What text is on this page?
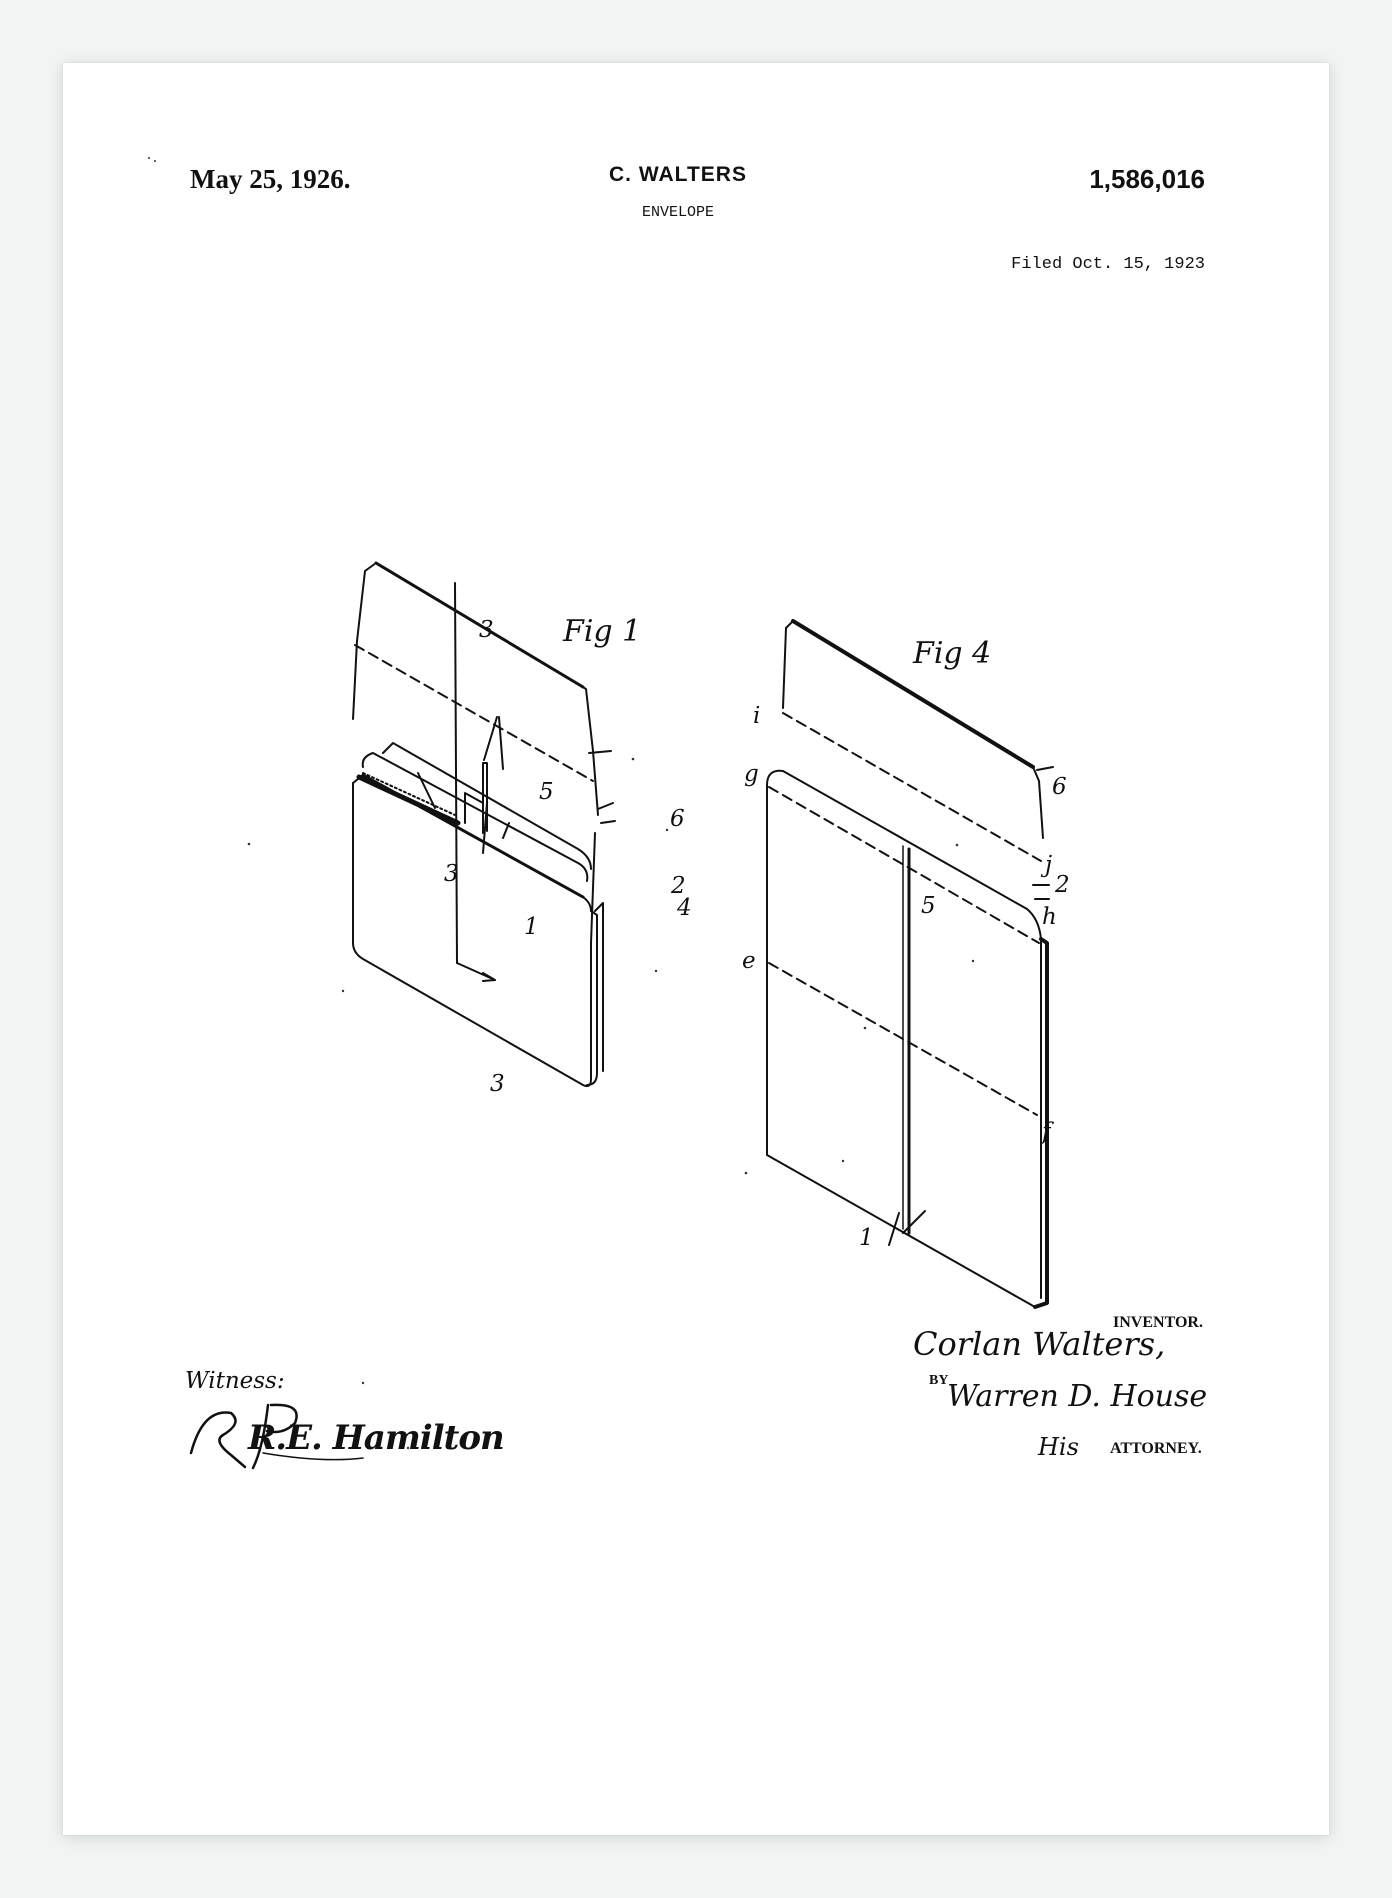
May 25, 1926.	C. WALTERS
ENVELOPE
1,586,016
Filed Oct. 15, 1923
Fig 1
3
3
5
6
3
1
2
4
Fig 4
i
g	6
j
2
5	h
e
f
1
Witness:
R.E. Hamilton
INVENTOR.
Corlan Walters,
BY
Warren D. House
His ATTORNEY.
